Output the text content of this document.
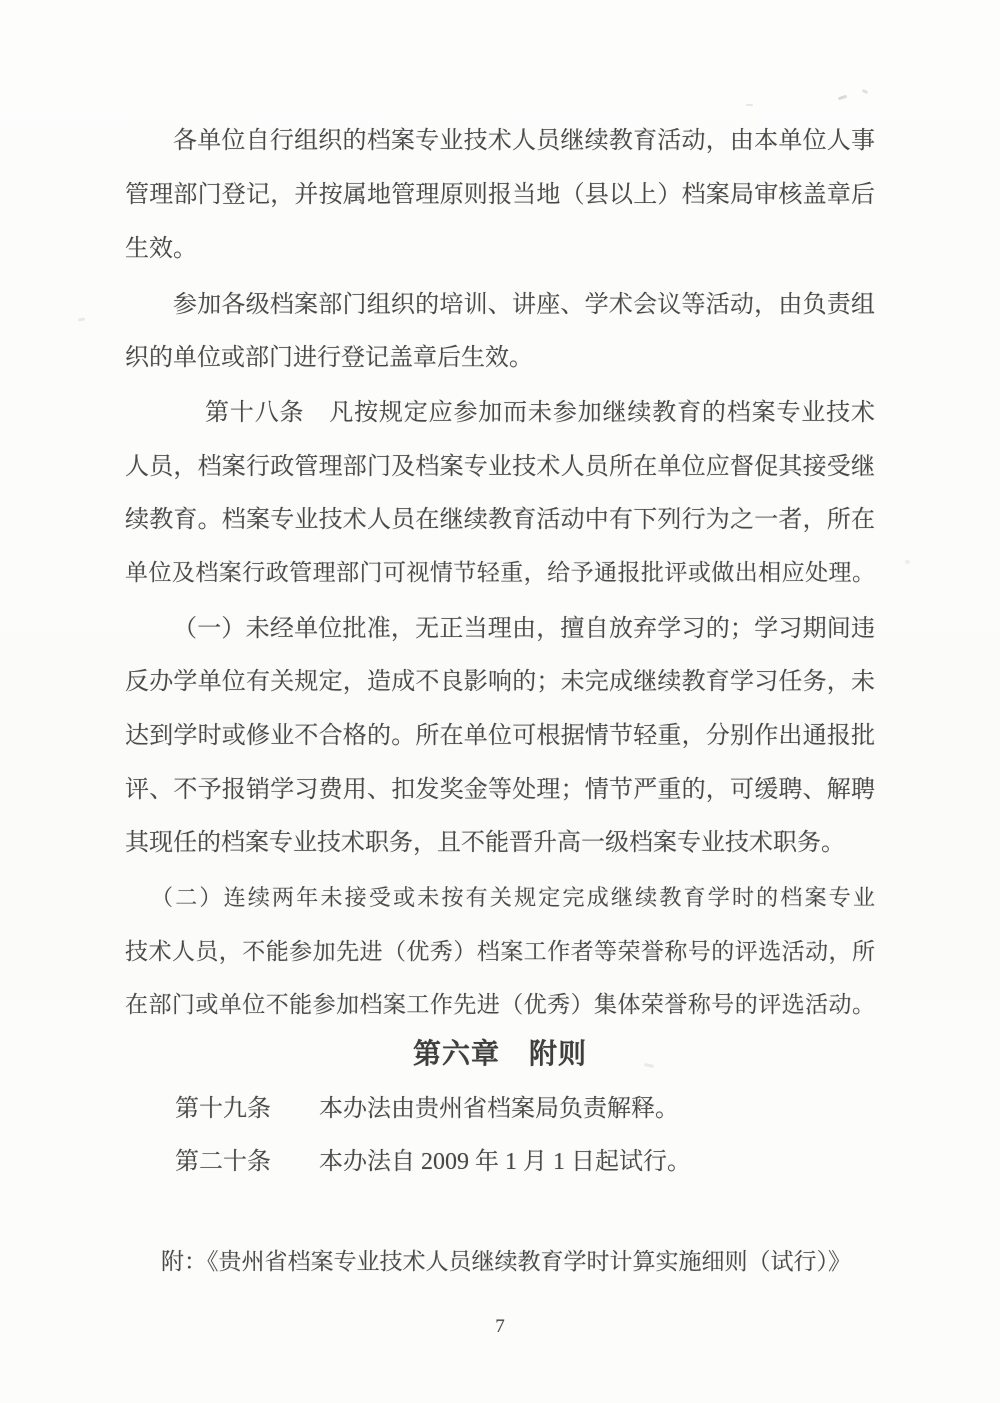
各单位自行组织的档案专业技术人员继续教育活动，由本单位人事
管理部门登记，并按属地管理原则报当地（县以上）档案局审核盖章后
生效。
参加各级档案部门组织的培训、讲座、学术会议等活动，由负责组
织的单位或部门进行登记盖章后生效。
第十八条　凡按规定应参加而未参加继续教育的档案专业技术
人员，档案行政管理部门及档案专业技术人员所在单位应督促其接受继
续教育。档案专业技术人员在继续教育活动中有下列行为之一者，所在
单位及档案行政管理部门可视情节轻重，给予通报批评或做出相应处理。
（一）未经单位批准，无正当理由，擅自放弃学习的；学习期间违
反办学单位有关规定，造成不良影响的；未完成继续教育学习任务，未
达到学时或修业不合格的。所在单位可根据情节轻重，分别作出通报批
评、不予报销学习费用、扣发奖金等处理；情节严重的，可缓聘、解聘
其现任的档案专业技术职务，且不能晋升高一级档案专业技术职务。
（二）连续两年未接受或未按有关规定完成继续教育学时的档案专业
技术人员，不能参加先进（优秀）档案工作者等荣誉称号的评选活动，所
在部门或单位不能参加档案工作先进（优秀）集体荣誉称号的评选活动。
第六章　附则
第十九条　　本办法由贵州省档案局负责解释。
第二十条　　本办法自 2009 年 1 月 1 日起试行。
附：《贵州省档案专业技术人员继续教育学时计算实施细则（试行）》
7
